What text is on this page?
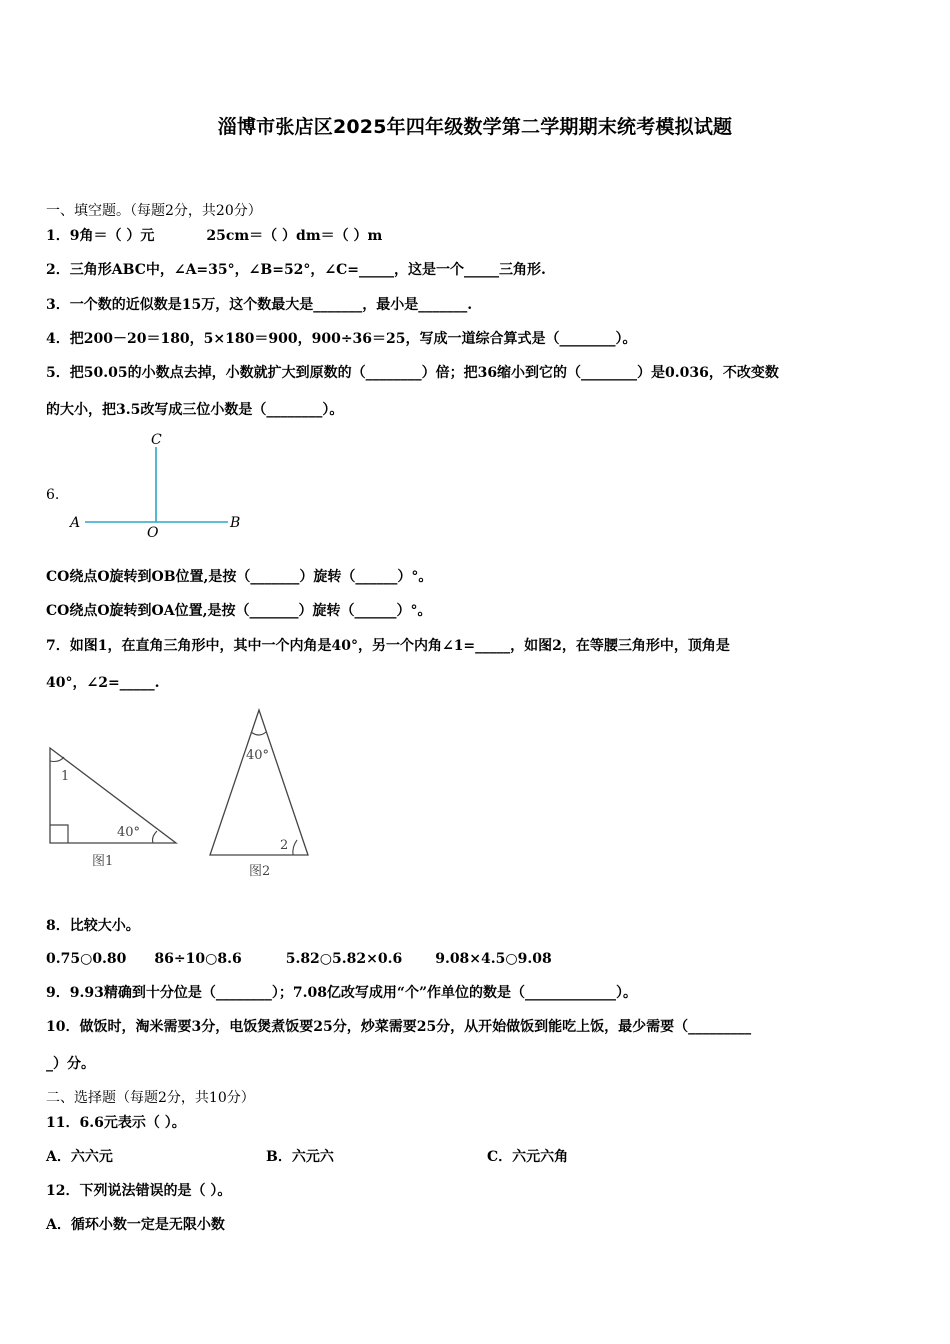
淄博市张店区2025年四年级数学第二学期期末统考模拟试题
一、填空题。（每题2分，共20分）
1．9角＝（ ）元	25cm＝（ ）dm＝（ ）m
2．三角形ABC中，∠A=35°，∠B=52°，∠C=_____，这是一个_____三角形.
3．一个数的近似数是15万，这个数最大是_______，最小是_______.
4．把200－20＝180，5×180＝900，900÷36＝25，写成一道综合算式是（________）。
5．把50.05的小数点去掉，小数就扩大到原数的（________）倍；把36缩小到它的（________）是0.036，不改变数
的大小，把3.5改写成三位小数是（________）。
6.
C
A
O
B
CO绕点O旋转到OB位置,是按（_______）旋转（______）°。
CO绕点O旋转到OA位置,是按（_______）旋转（______）°。
7．如图1，在直角三角形中，其中一个内角是40°，另一个内角∠1=_____，如图2，在等腰三角形中，顶角是
40°，∠2=_____.
1
40°
图1
40°
2
图2
8．比较大小。
0.75○0.80 86÷10○8.6	5.82○5.82×0.6 9.08×4.5○9.08
9．9.93精确到十分位是（________）；7.08亿改写成用“个”作单位的数是（_____________）。
10．做饭时，淘米需要3分，电饭煲煮饭要25分，炒菜需要25分，从开始做饭到能吃上饭，最少需要（_________
_）分。
二、选择题（每题2分，共10分）
11．6.6元表示（ ）。
A．六六元	B．六元六	C．六元六角
12．下列说法错误的是（ ）。
A．循环小数一定是无限小数
